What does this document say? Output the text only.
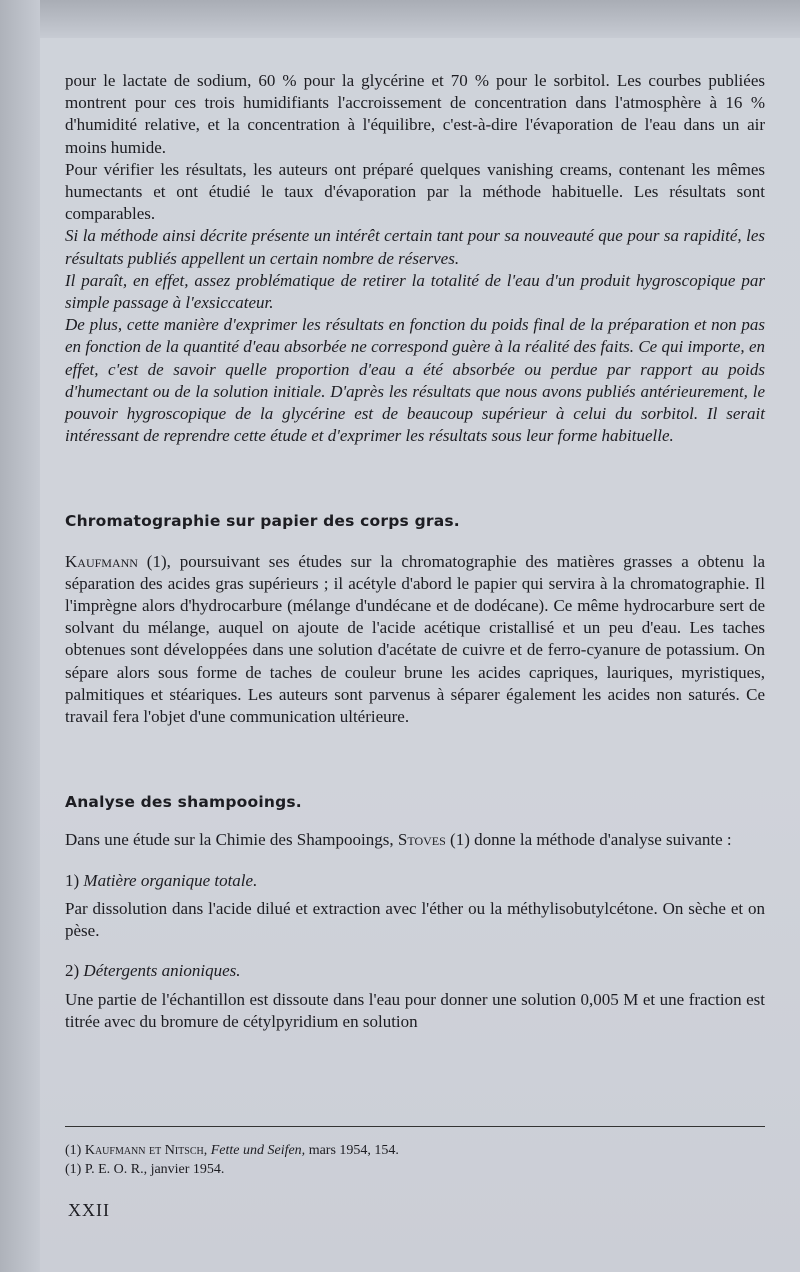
pour le lactate de sodium, 60 % pour la glycérine et 70 % pour le sorbitol. Les courbes publiées montrent pour ces trois humidifiants l'accroissement de concentration dans l'atmosphère à 16 % d'humidité relative, et la concentration à l'équilibre, c'est-à-dire l'évaporation de l'eau dans un air moins humide.

Pour vérifier les résultats, les auteurs ont préparé quelques vanishing creams, contenant les mêmes humectants et ont étudié le taux d'évaporation par la méthode habituelle. Les résultats sont comparables.

Si la méthode ainsi décrite présente un intérêt certain tant pour sa nouveauté que pour sa rapidité, les résultats publiés appellent un certain nombre de réserves.

Il paraît, en effet, assez problématique de retirer la totalité de l'eau d'un produit hygroscopique par simple passage à l'exsiccateur.

De plus, cette manière d'exprimer les résultats en fonction du poids final de la préparation et non pas en fonction de la quantité d'eau absorbée ne correspond guère à la réalité des faits. Ce qui importe, en effet, c'est de savoir quelle proportion d'eau a été absorbée ou perdue par rapport au poids d'humectant ou de la solution initiale. D'après les résultats que nous avons publiés antérieurement, le pouvoir hygroscopique de la glycérine est de beaucoup supérieur à celui du sorbitol. Il serait intéressant de reprendre cette étude et d'exprimer les résultats sous leur forme habituelle.

Chromatographie sur papier des corps gras.

Kaufmann (1), poursuivant ses études sur la chromatographie des matières grasses a obtenu la séparation des acides gras supérieurs ; il acétyle d'abord le papier qui servira à la chromatographie. Il l'imprègne alors d'hydrocarbure (mélange d'undécane et de dodécane). Ce même hydrocarbure sert de solvant du mélange, auquel on ajoute de l'acide acétique cristallisé et un peu d'eau. Les taches obtenues sont développées dans une solution d'acétate de cuivre et de ferro-cyanure de potassium. On sépare alors sous forme de taches de couleur brune les acides capriques, lauriques, myristiques, palmitiques et stéariques. Les auteurs sont parvenus à séparer également les acides non saturés. Ce travail fera l'objet d'une communication ultérieure.

Analyse des shampooings.

Dans une étude sur la Chimie des Shampooings, Stoves (1) donne la méthode d'analyse suivante :

1) Matière organique totale.

Par dissolution dans l'acide dilué et extraction avec l'éther ou la méthylisobutylcétone. On sèche et on pèse.

2) Détergents anioniques.

Une partie de l'échantillon est dissoute dans l'eau pour donner une solution 0,005 M et une fraction est titrée avec du bromure de cétylpyridium en solution

(1) Kaufmann et Nitsch, Fette und Seifen, mars 1954, 154.
(1) P. E. O. R., janvier 1954.
XXII
